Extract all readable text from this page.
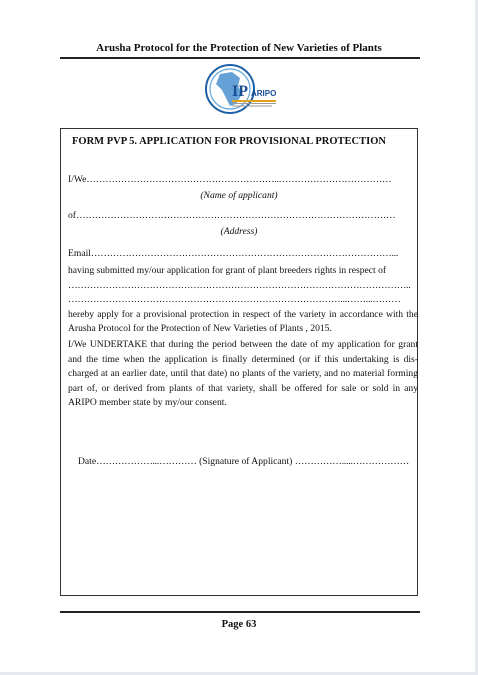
Arusha Protocol for the Protection of New Varieties of Plants
IP ARIPO
FORM PVP 5. APPLICATION FOR PROVISIONAL PROTECTION
I/We……………………………………………………..………………………………
(Name of applicant)
of…………………………………………………………………………………………
(Address)
Email……………………………………………………………………………………...
having submitted my/our application for grant of plant breeders rights in respect of
………………………………………………………………………………………………..
……………………………………………………………………………...……...………
hereby apply for a provisional protection in respect of the variety in accordance with the Arusha Protocol for the Protection of New Varieties of Plants , 2015.
I/We UNDERTAKE that during the period between the date of my application for grant and the time when the application is finally determined (or if this undertaking is dis-charged at an earlier date, until that date) no plants of the variety, and no material forming part of, or derived from plants of that variety, shall be offered for sale or sold in any ARIPO member state by my/our consent.
Date………………...………… (Signature of Applicant) …………….....………………
Page 63
